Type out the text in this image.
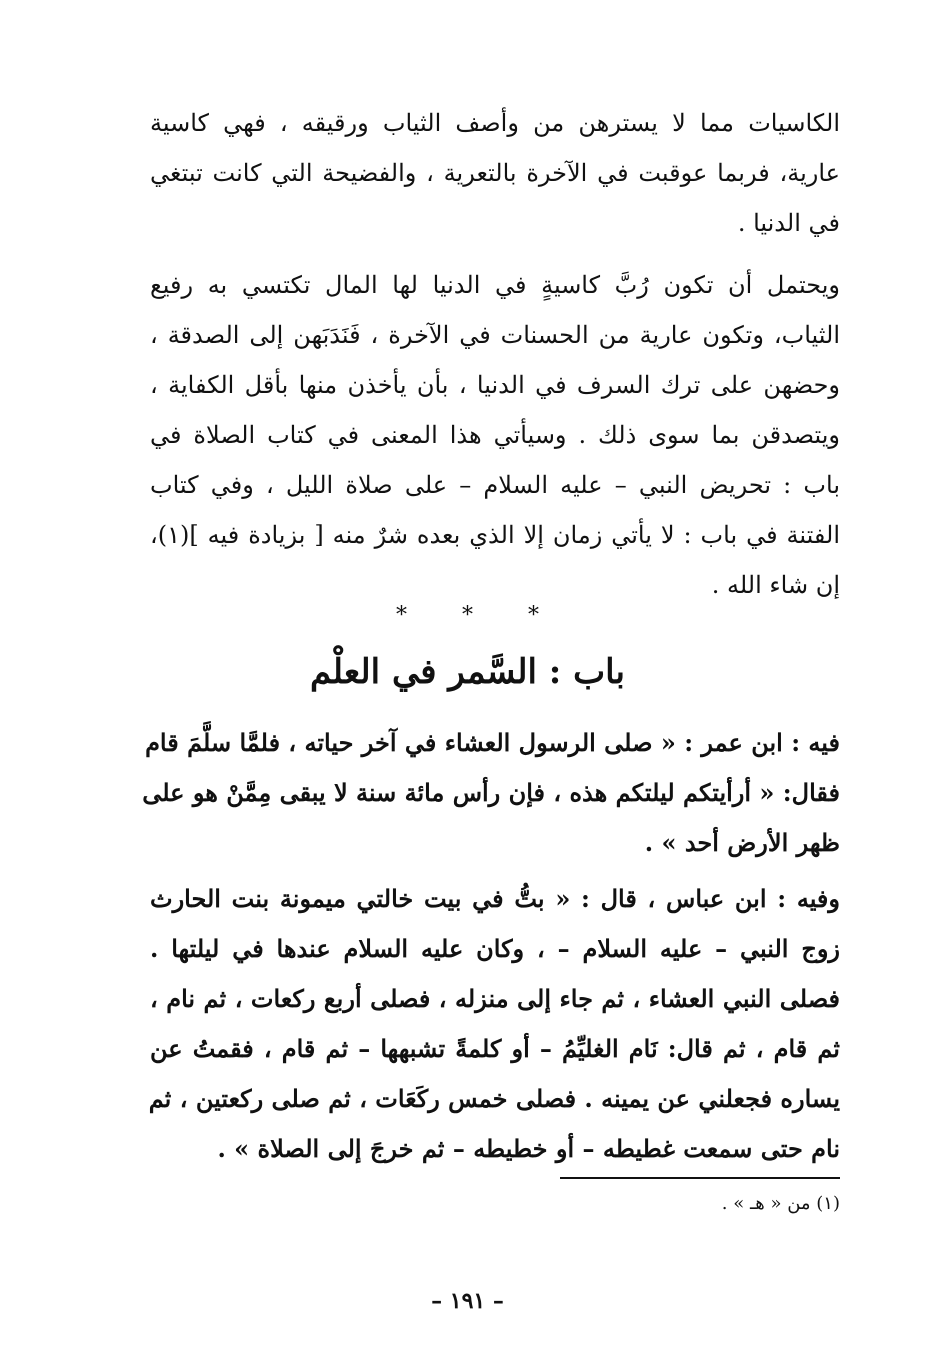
الكاسيات مما لا يسترهن من وأصف الثياب ورقيقه ، فهي كاسية
عارية، فربما عوقبت في الآخرة بالتعرية ، والفضيحة التي كانت تبتغي
في الدنيا .
ويحتمل أن تكون رُبَّ كاسيةٍ في الدنيا لها المال تكتسي به رفيع
الثياب، وتكون عارية من الحسنات في الآخرة ، فَنَدَبَهن إلى الصدقة ،
وحضهن على ترك السرف في الدنيا ، بأن يأخذن منها بأقل الكفاية ،
ويتصدقن بما سوى ذلك . وسيأتي هذا المعنى في كتاب الصلاة في
باب : تحريض النبي – عليه السلام – على صلاة الليل ، وفي كتاب
الفتنة في باب : لا يأتي زمان إلا الذي بعده شرٌ منه [ بزيادة فيه ](١)،
إن شاء الله .
* * *
باب : السَّمر في العلْم
فيه : ابن عمر : « صلى الرسول العشاء في آخر حياته ، فلمَّا سلَّمَ قام
فقال: « أرأيتكم ليلتكم هذه ، فإن رأس مائة سنة لا يبقى مِمَّنْ هو على
ظهر الأرض أحد » .
وفيه : ابن عباس ، قال : « بتُّ في بيت خالتي ميمونة بنت الحارث
زوج النبي – عليه السلام – ، وكان عليه السلام عندها في ليلتها .
فصلى النبي العشاء ، ثم جاء إلى منزله ، فصلى أربع ركعات ، ثم نام ،
ثم قام ، ثم قال: نَام الغليِّمُ – أو كلمةً تشبهها – ثم قام ، فقمتُ عن
يساره فجعلني عن يمينه . فصلى خمس ركَعَات ، ثم صلى ركعتين ، ثم
نام حتى سمعت غطيطه – أو خطيطه – ثم خرجَ إلى الصلاة » .
(١) من « هـ » .
– ١٩١ –
